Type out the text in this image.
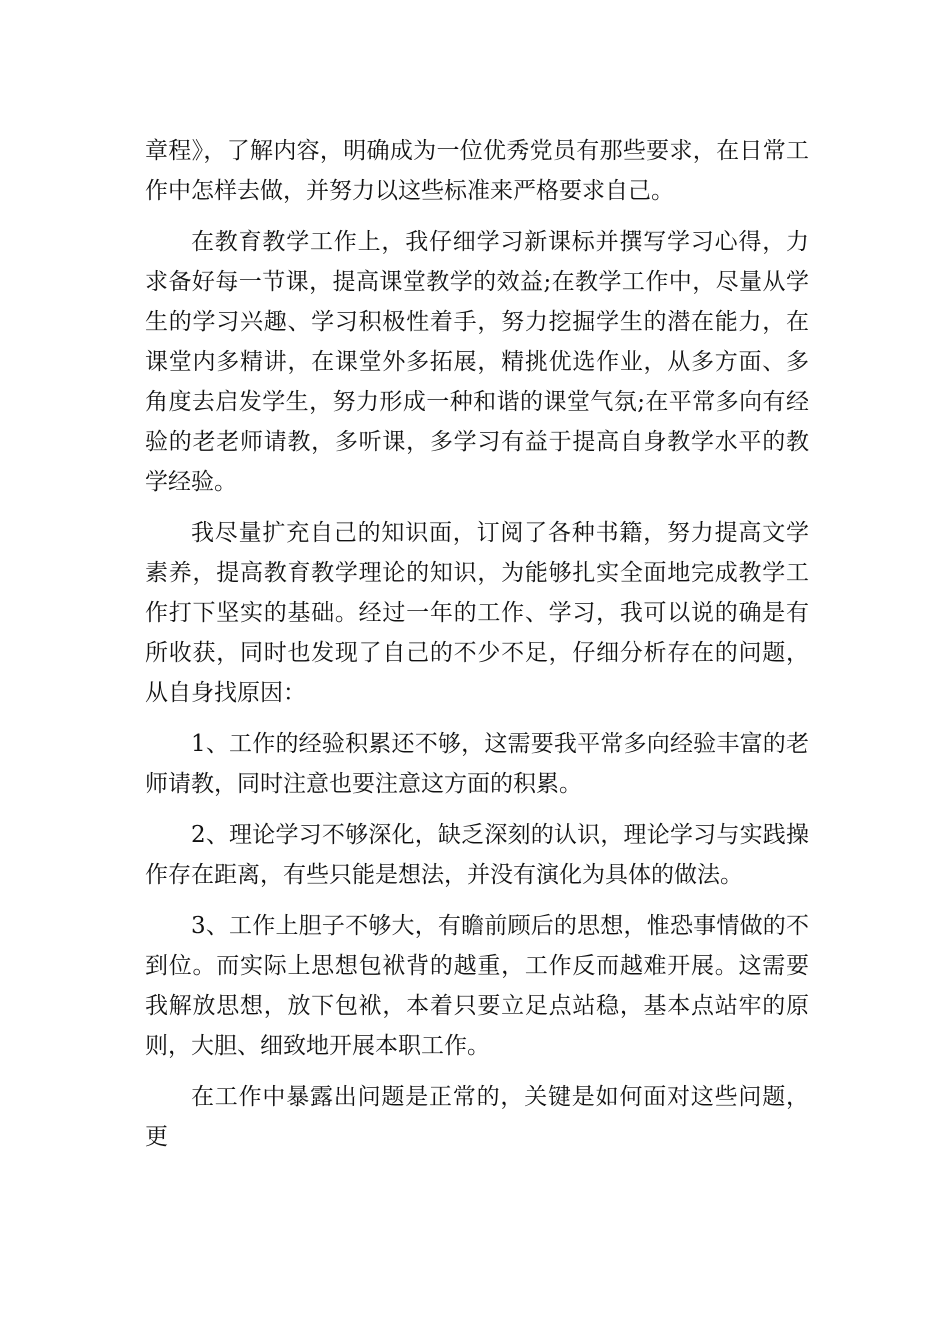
章程》，了解内容，明确成为一位优秀党员有那些要求，在日常工作中怎样去做，并努力以这些标准来严格要求自己。

在教育教学工作上，我仔细学习新课标并撰写学习心得，力求备好每一节课，提高课堂教学的效益;在教学工作中，尽量从学生的学习兴趣、学习积极性着手，努力挖掘学生的潜在能力，在课堂内多精讲，在课堂外多拓展，精挑优选作业，从多方面、多角度去启发学生，努力形成一种和谐的课堂气氛;在平常多向有经验的老老师请教，多听课，多学习有益于提高自身教学水平的教学经验。

我尽量扩充自己的知识面，订阅了各种书籍，努力提高文学素养，提高教育教学理论的知识，为能够扎实全面地完成教学工作打下坚实的基础。经过一年的工作、学习，我可以说的确是有所收获，同时也发现了自己的不少不足，仔细分析存在的问题，从自身找原因：

1、工作的经验积累还不够，这需要我平常多向经验丰富的老师请教，同时注意也要注意这方面的积累。

2、理论学习不够深化，缺乏深刻的认识，理论学习与实践操作存在距离，有些只能是想法，并没有演化为具体的做法。

3、工作上胆子不够大，有瞻前顾后的思想，惟恐事情做的不到位。而实际上思想包袱背的越重，工作反而越难开展。这需要我解放思想，放下包袱，本着只要立足点站稳，基本点站牢的原则，大胆、细致地开展本职工作。

在工作中暴露出问题是正常的，关键是如何面对这些问题，更
